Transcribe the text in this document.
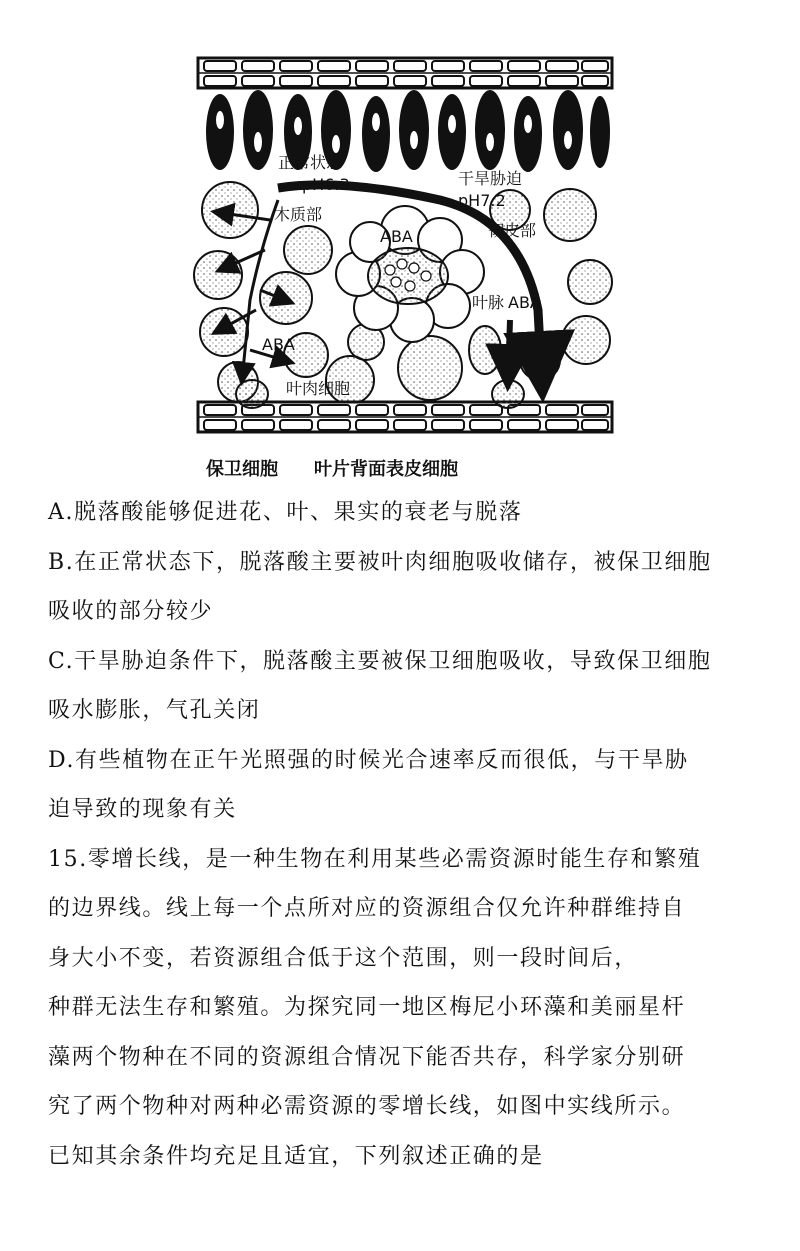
正常状态
pH6.3	干旱胁迫
pH7.2
木质部
韧皮部
ABA
叶脉 ABA
ABA
叶肉细胞
保卫细胞 叶片背面表皮细胞
A.脱落酸能够促进花、叶、果实的衰老与脱落
B.在正常状态下，脱落酸主要被叶肉细胞吸收储存，被保卫细胞
吸收的部分较少
C.干旱胁迫条件下，脱落酸主要被保卫细胞吸收，导致保卫细胞
吸水膨胀，气孔关闭
D.有些植物在正午光照强的时候光合速率反而很低，与干旱胁
迫导致的现象有关
15.零增长线，是一种生物在利用某些必需资源时能生存和繁殖
的边界线。线上每一个点所对应的资源组合仅允许种群维持自
身大小不变，若资源组合低于这个范围，则一段时间后，
种群无法生存和繁殖。为探究同一地区梅尼小环藻和美丽星杆
藻两个物种在不同的资源组合情况下能否共存，科学家分别研
究了两个物种对两种必需资源的零增长线，如图中实线所示。
已知其余条件均充足且适宜，下列叙述正确的是
